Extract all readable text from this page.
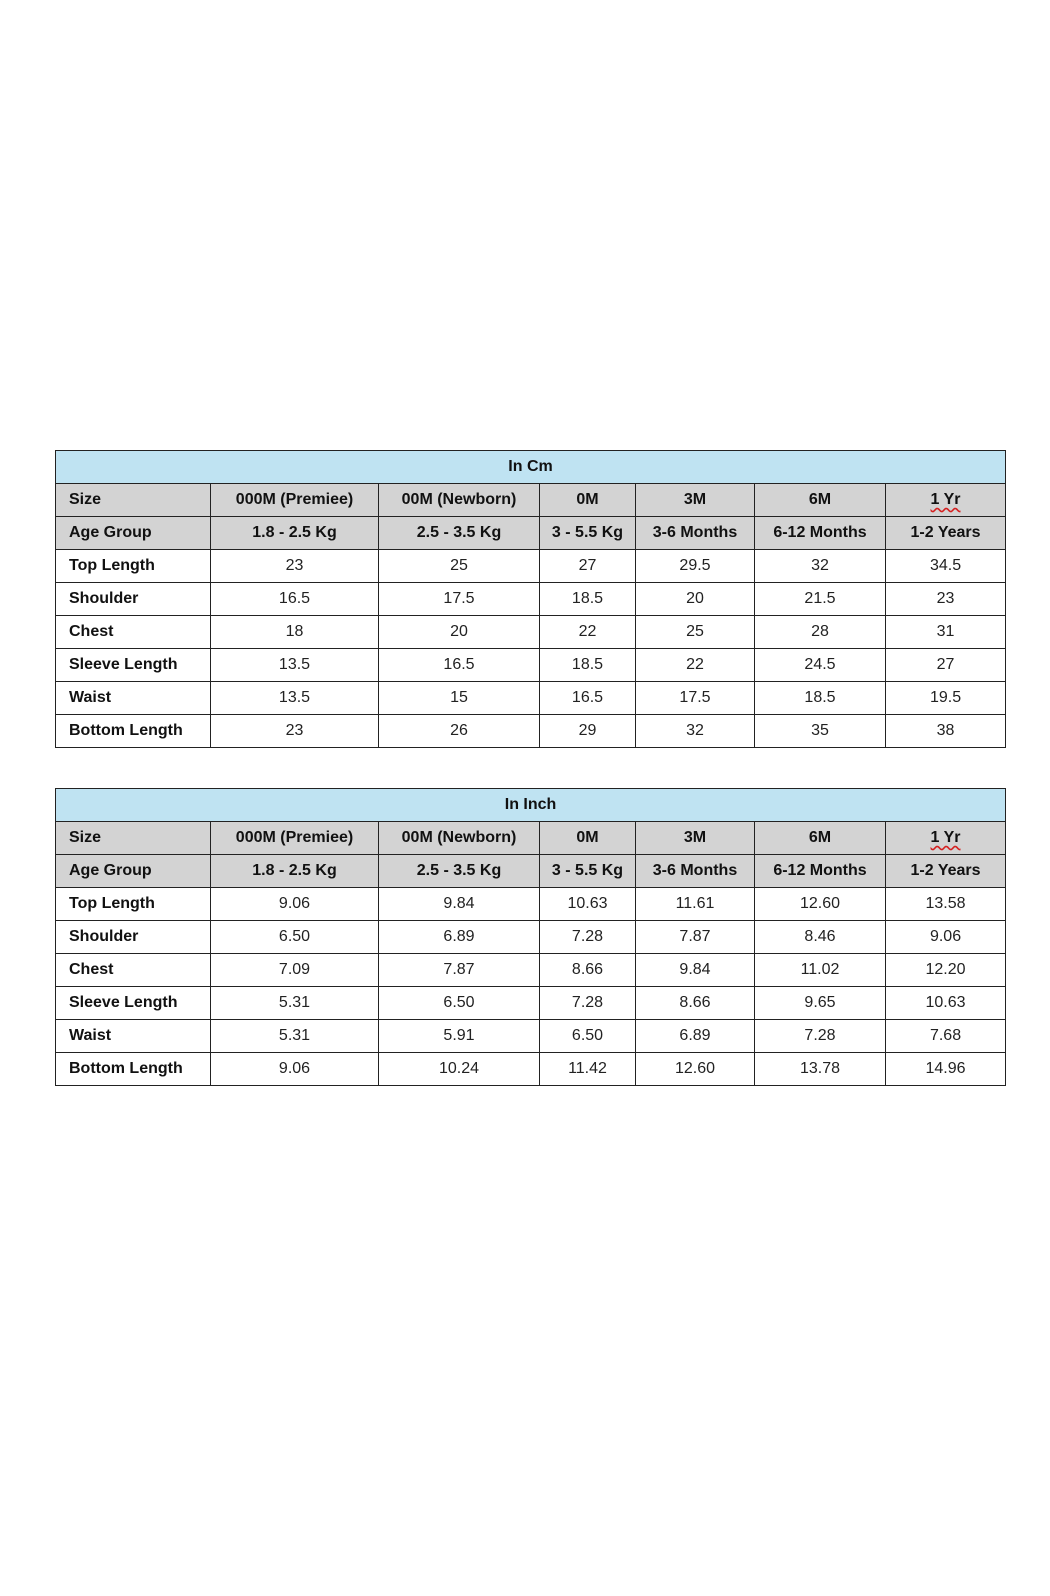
In Cm						
Size	000M (Premiee)	00M (Newborn)	0M	3M	6M	1 Yr
Age Group	1.8 - 2.5 Kg	2.5 - 3.5 Kg	3 - 5.5 Kg	3-6 Months	6-12 Months	1-2 Years
Top Length	23	25	27	29.5	32	34.5
Shoulder	16.5	17.5	18.5	20	21.5	23
Chest	18	20	22	25	28	31
Sleeve Length	13.5	16.5	18.5	22	24.5	27
Waist	13.5	15	16.5	17.5	18.5	19.5
Bottom Length	23	26	29	32	35	38
In Inch						
Size	000M (Premiee)	00M (Newborn)	0M	3M	6M	1 Yr
Age Group	1.8 - 2.5 Kg	2.5 - 3.5 Kg	3 - 5.5 Kg	3-6 Months	6-12 Months	1-2 Years
Top Length	9.06	9.84	10.63	11.61	12.60	13.58
Shoulder	6.50	6.89	7.28	7.87	8.46	9.06
Chest	7.09	7.87	8.66	9.84	11.02	12.20
Sleeve Length	5.31	6.50	7.28	8.66	9.65	10.63
Waist	5.31	5.91	6.50	6.89	7.28	7.68
Bottom Length	9.06	10.24	11.42	12.60	13.78	14.96
